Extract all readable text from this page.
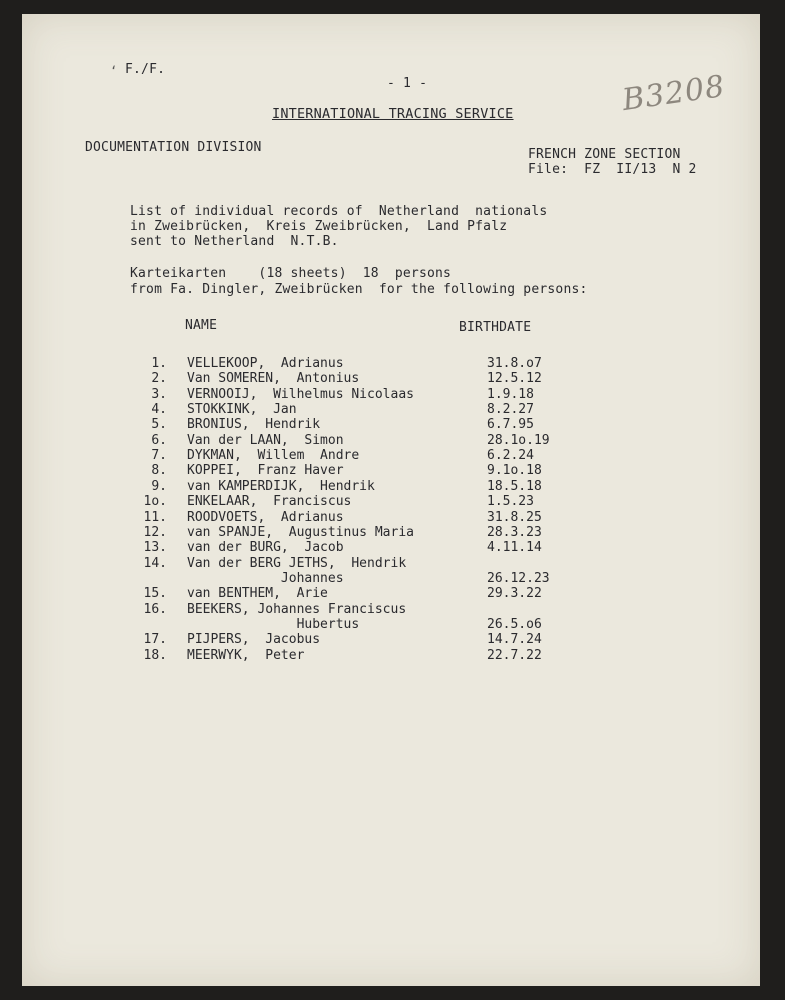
‘ F./F.
- 1 -
INTERNATIONAL TRACING SERVICE	B3208
DOCUMENTATION DIVISION	FRENCH ZONE SECTION
File:  FZ  II/13  N 2
List of individual records of  Netherland  nationals
in Zweibrücken,  Kreis Zweibrücken,  Land Pfalz
sent to Netherland  N.T.B.
Karteikarten    (18 sheets)  18  persons
from Fa. Dingler, Zweibrücken  for the following persons:
NAME	BIRTHDATE
1. VELLEKOOP,  Adrianus	31.8.o7
2. Van SOMEREN,  Antonius	12.5.12
3. VERNOOIJ,  Wilhelmus Nicolaas	1.9.18
4. STOKKINK,  Jan	8.2.27
5. BRONIUS,  Hendrik	6.7.95
6. Van der LAAN,  Simon	28.1o.19
7. DYKMAN,  Willem  Andre	6.2.24
8. KOPPEI,  Franz Haver	9.1o.18
9. van KAMPERDIJK,  Hendrik	18.5.18
1o. ENKELAAR,  Franciscus	1.5.23
11. ROODVOETS,  Adrianus	31.8.25
12. van SPANJE,  Augustinus Maria	28.3.23
13. van der BURG,  Jacob	4.11.14
14. Van der BERG JETHS,  Hendrik
Johannes	26.12.23
15. van BENTHEM,  Arie	29.3.22
16. BEEKERS, Johannes Franciscus
Hubertus	26.5.o6
17. PIJPERS,  Jacobus	14.7.24
18. MEERWYK,  Peter	22.7.22
